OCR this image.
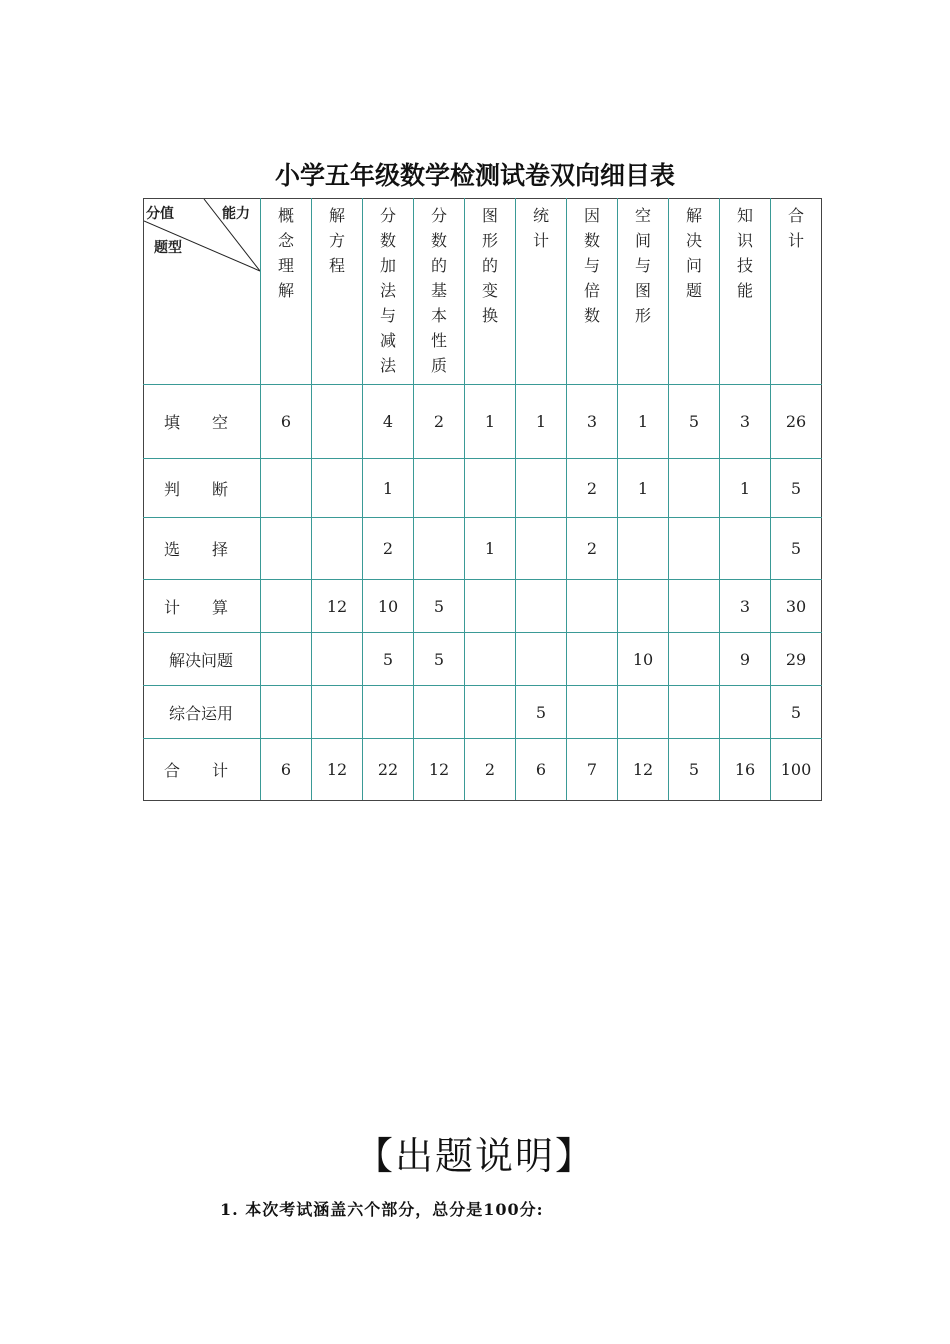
小学五年级数学检测试卷双向细目表
分值 能力
题型	概念理解	解方程	分数加法与减法	分数的基本性质	图形的变换	统计	因数与倍数	空间与图形	解决问题	知识技能	合计

填　　空	6		4	2	1	1	3	1	5	3	26
判　　断			1				2	1		1	5
选　　择			2		1		2				5
计　　算		12	10	5						3	30
解决问题			5	5				10		9	29
综合运用						5					5
合　　计	6	12	22	12	2	6	7	12	5	16	100
【出题说明】
1. 本次考试涵盖六个部分，总分是100分:
